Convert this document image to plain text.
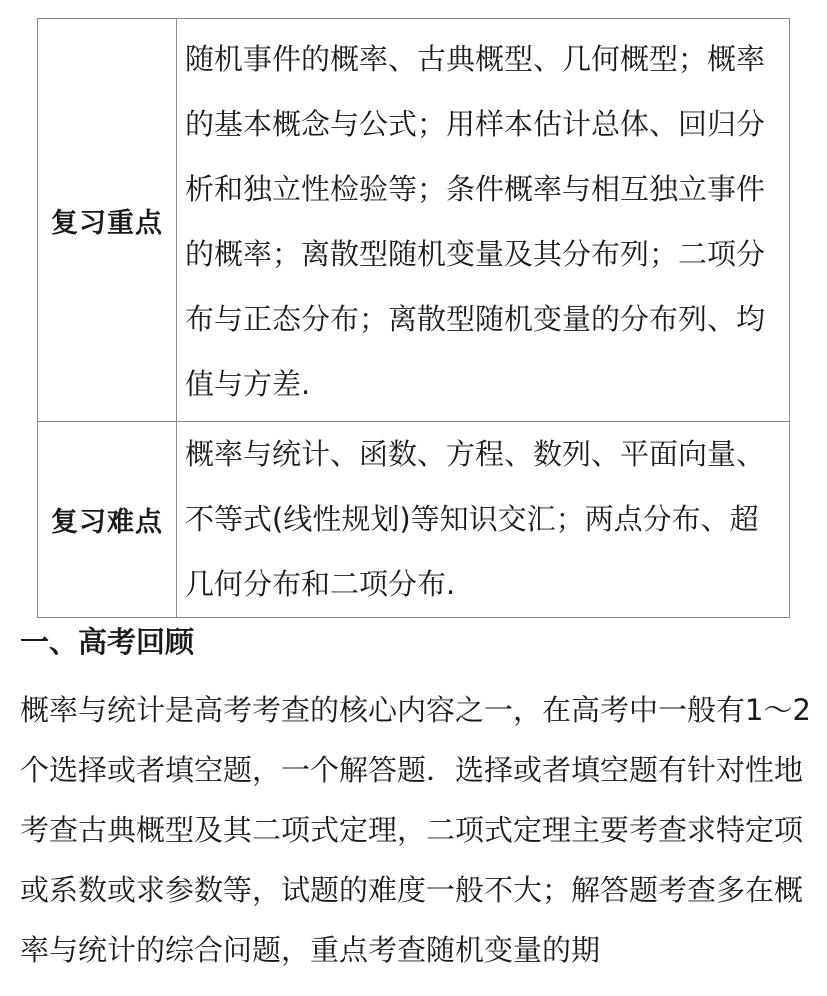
复习重点	随机事件的概率、古典概型、几何概型；概率的基本概念与公式；用样本估计总体、回归分析和独立性检验等；条件概率与相互独立事件的概率；离散型随机变量及其分布列；二项分布与正态分布；离散型随机变量的分布列、均值与方差.
复习难点	概率与统计、函数、方程、数列、平面向量、不等式(线性规划)等知识交汇；两点分布、超几何分布和二项分布.
一、高考回顾

概率与统计是高考考查的核心内容之一，在高考中一般有1～2 个选择或者填空题，一个解答题．选择或者填空题有针对性地考查古典概型及其二项式定理，二项式定理主要考查求特定项或系数或求参数等，试题的难度一般不大；解答题考查多在概率与统计的综合问题，重点考查随机变量的期
